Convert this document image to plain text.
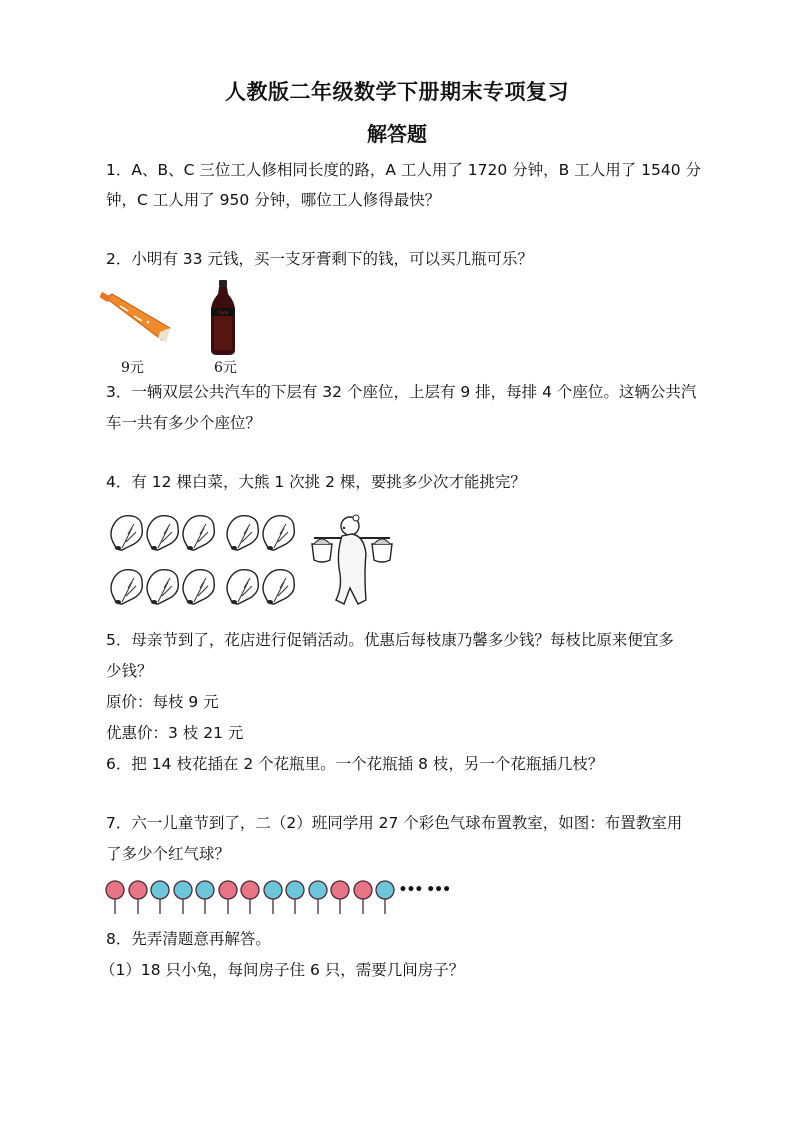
人教版二年级数学下册期末专项复习
解答题
1．A、B、C 三位工人修相同长度的路，A 工人用了 1720 分钟，B 工人用了 1540 分
钟，C 工人用了 950 分钟，哪位工人修得最快？
2．小明有 33 元钱，买一支牙膏剩下的钱，可以买几瓶可乐？
9元
Coca
6元
3．一辆双层公共汽车的下层有 32 个座位，上层有 9 排，每排 4 个座位。这辆公共汽
车一共有多少个座位？
4．有 12 棵白菜，大熊 1 次挑 2 棵，要挑多少次才能挑完？
5．母亲节到了，花店进行促销活动。优惠后每枝康乃馨多少钱？每枝比原来便宜多
少钱？
原价：每枝 9 元
优惠价：3 枝 21 元
6．把 14 枝花插在 2 个花瓶里。一个花瓶插 8 枝，另一个花瓶插几枝？
7．六一儿童节到了，二（2）班同学用 27 个彩色气球布置教室，如图：布置教室用
了多少个红气球？
••• •••
8．先弄清题意再解答。
（1）18 只小兔，每间房子住 6 只，需要几间房子？
